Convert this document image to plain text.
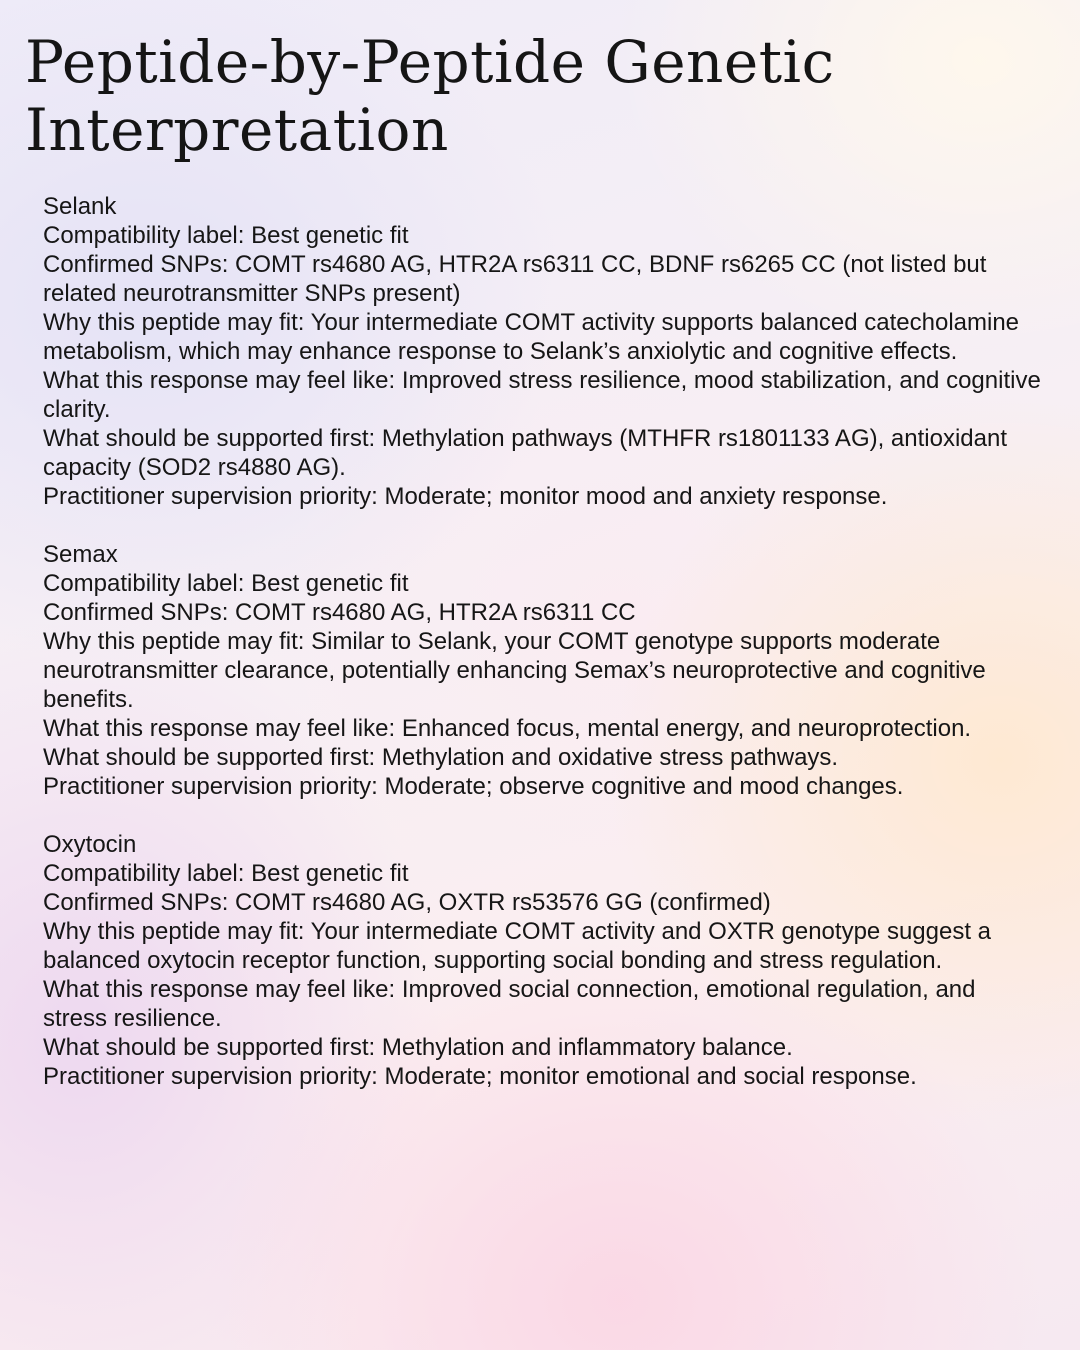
Peptide-by-Peptide Genetic Interpretation

Selank

Compatibility label: Best genetic fit

Confirmed SNPs: COMT rs4680 AG, HTR2A rs6311 CC, BDNF rs6265 CC (not listed but related neurotransmitter SNPs present)

Why this peptide may fit: Your intermediate COMT activity supports balanced catecholamine metabolism, which may enhance response to Selank’s anxiolytic and cognitive effects.

What this response may feel like: Improved stress resilience, mood stabilization, and cognitive clarity.

What should be supported first: Methylation pathways (MTHFR rs1801133 AG), antioxidant capacity (SOD2 rs4880 AG).

Practitioner supervision priority: Moderate; monitor mood and anxiety response.

Semax

Compatibility label: Best genetic fit

Confirmed SNPs: COMT rs4680 AG, HTR2A rs6311 CC

Why this peptide may fit: Similar to Selank, your COMT genotype supports moderate neurotransmitter clearance, potentially enhancing Semax’s neuroprotective and cognitive benefits.

What this response may feel like: Enhanced focus, mental energy, and neuroprotection.

What should be supported first: Methylation and oxidative stress pathways.

Practitioner supervision priority: Moderate; observe cognitive and mood changes.

Oxytocin

Compatibility label: Best genetic fit

Confirmed SNPs: COMT rs4680 AG, OXTR rs53576 GG (confirmed)

Why this peptide may fit: Your intermediate COMT activity and OXTR genotype suggest a balanced oxytocin receptor function, supporting social bonding and stress regulation.

What this response may feel like: Improved social connection, emotional regulation, and stress resilience.

What should be supported first: Methylation and inflammatory balance.

Practitioner supervision priority: Moderate; monitor emotional and social response.
